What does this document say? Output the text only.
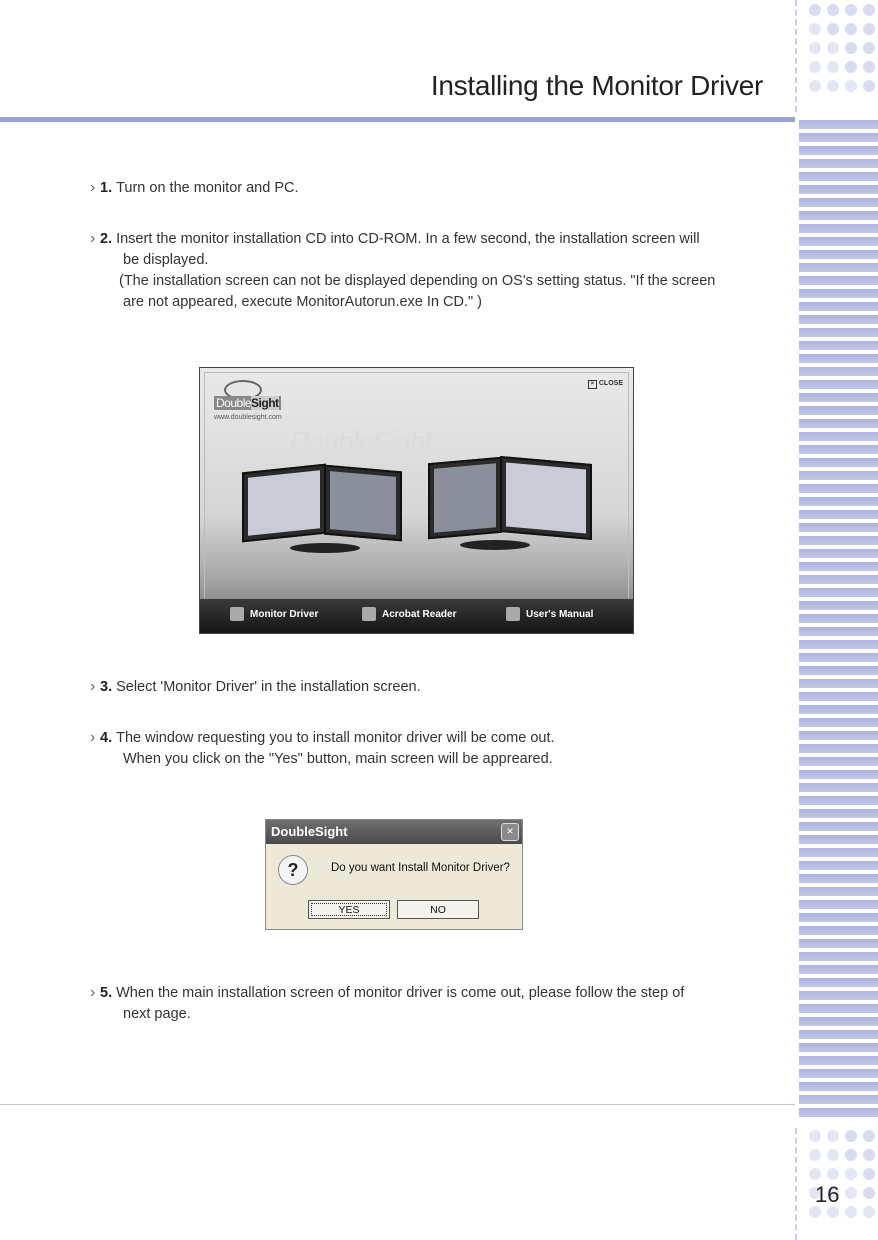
Installing the Monitor Driver
› 1. Turn on the monitor and PC.
› 2. Insert the monitor installation CD into CD-ROM. In a few second, the installation screen will
be displayed.
(The installation screen can not be displayed depending on OS's setting status. "If the screen
are not appeared, execute MonitorAutorun.exe In CD." )
DoubleSight
www.doublesight.com
× CLOSE
DoubleSight
Monitor Driver	Acrobat Reader	User's Manual
› 3. Select 'Monitor Driver' in the installation screen.
› 4. The window requesting you to install monitor driver will be come out.
When you click on the "Yes" button, main screen will be appreared.
DoubleSight	×
?	Do you want Install Monitor Driver?
YES	NO
› 5. When the main installation screen of monitor driver is come out, please follow the step of
next page.
16
